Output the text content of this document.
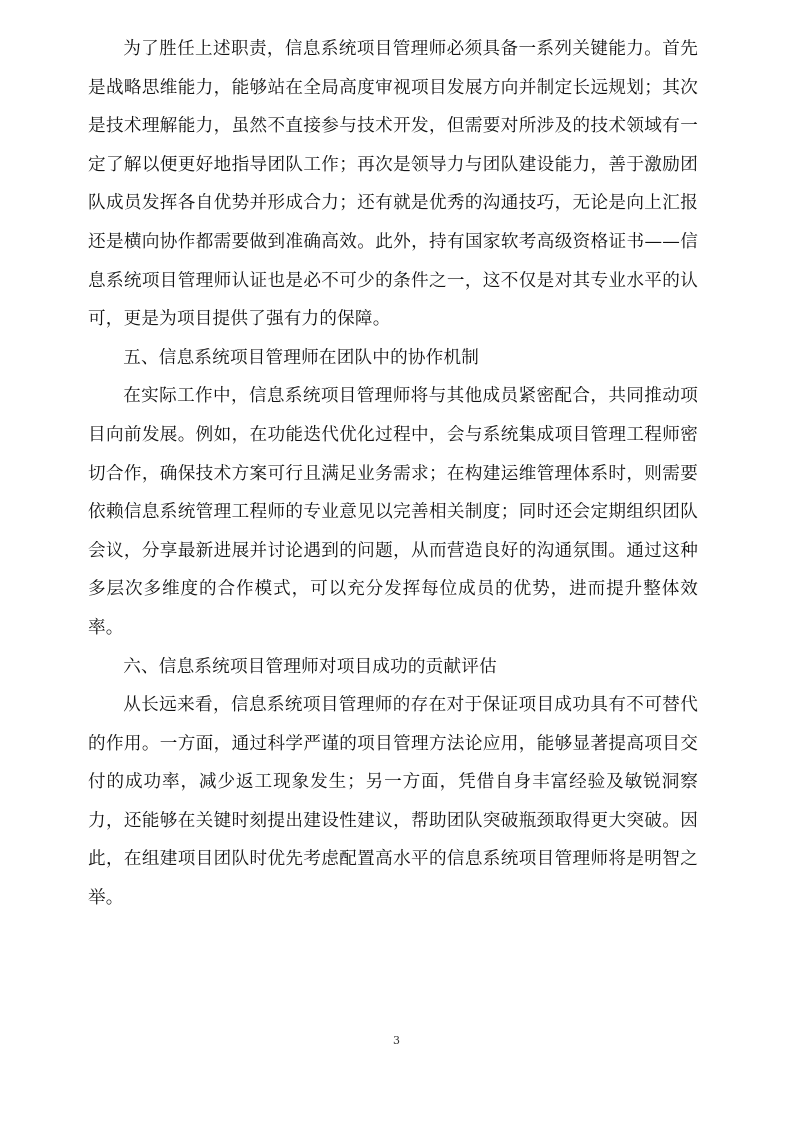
为了胜任上述职责，信息系统项目管理师必须具备一系列关键能力。首先是战略思维能力，能够站在全局高度审视项目发展方向并制定长远规划；其次是技术理解能力，虽然不直接参与技术开发，但需要对所涉及的技术领域有一定了解以便更好地指导团队工作；再次是领导力与团队建设能力，善于激励团队成员发挥各自优势并形成合力；还有就是优秀的沟通技巧，无论是向上汇报还是横向协作都需要做到准确高效。此外，持有国家软考高级资格证书——信息系统项目管理师认证也是必不可少的条件之一，这不仅是对其专业水平的认可，更是为项目提供了强有力的保障。

五、信息系统项目管理师在团队中的协作机制

在实际工作中，信息系统项目管理师将与其他成员紧密配合，共同推动项目向前发展。例如，在功能迭代优化过程中，会与系统集成项目管理工程师密切合作，确保技术方案可行且满足业务需求；在构建运维管理体系时，则需要依赖信息系统管理工程师的专业意见以完善相关制度；同时还会定期组织团队会议，分享最新进展并讨论遇到的问题，从而营造良好的沟通氛围。通过这种多层次多维度的合作模式，可以充分发挥每位成员的优势，进而提升整体效率。

六、信息系统项目管理师对项目成功的贡献评估

从长远来看，信息系统项目管理师的存在对于保证项目成功具有不可替代的作用。一方面，通过科学严谨的项目管理方法论应用，能够显著提高项目交付的成功率，减少返工现象发生；另一方面，凭借自身丰富经验及敏锐洞察力，还能够在关键时刻提出建设性建议，帮助团队突破瓶颈取得更大突破。因此，在组建项目团队时优先考虑配置高水平的信息系统项目管理师将是明智之举。

3
